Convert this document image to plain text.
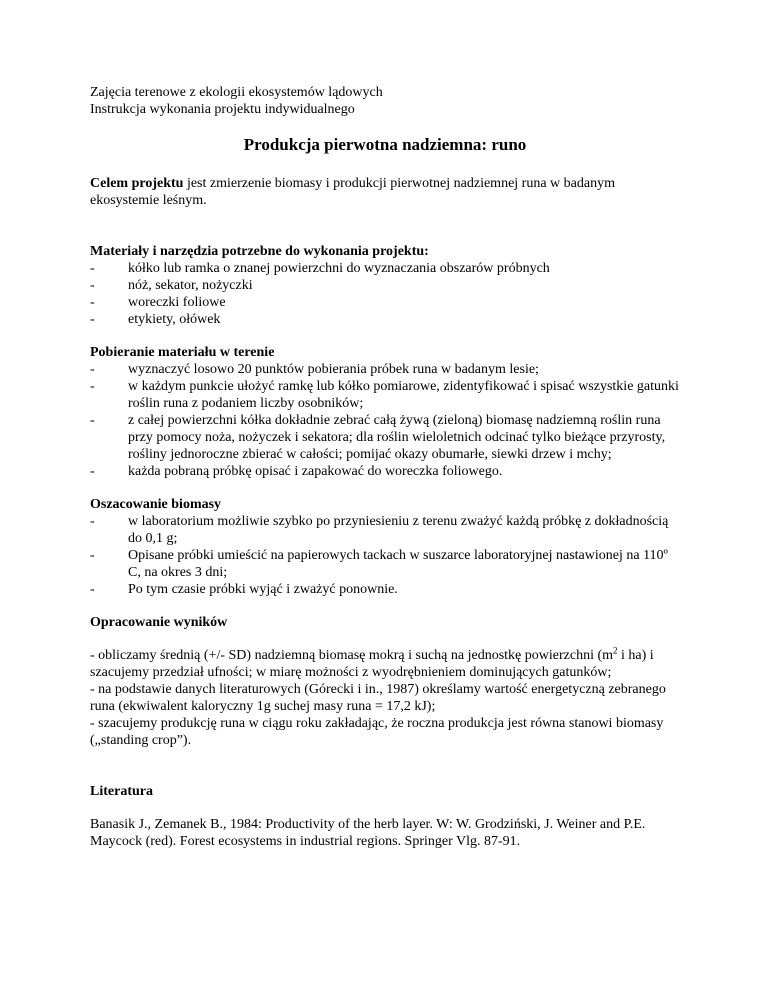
Zajęcia terenowe z ekologii ekosystemów lądowych
Instrukcja wykonania projektu indywidualnego
Produkcja pierwotna nadziemna: runo
Celem projektu jest zmierzenie biomasy i produkcji pierwotnej nadziemnej runa w badanym ekosystemie leśnym.
Materiały i narzędzia potrzebne do wykonania projektu:
- kółko lub ramka o znanej powierzchni do wyznaczania obszarów próbnych
- nóż, sekator, nożyczki
- woreczki foliowe
- etykiety, ołówek
Pobieranie materiału w terenie
- wyznaczyć losowo 20 punktów pobierania próbek runa w badanym lesie;
- w każdym punkcie ułożyć ramkę lub kółko pomiarowe, zidentyfikować i spisać wszystkie gatunki roślin runa z podaniem liczby osobników;
- z całej powierzchni kółka dokładnie zebrać całą żywą (zieloną) biomasę nadziemną roślin runa przy pomocy noża, nożyczek i sekatora; dla roślin wieloletnich odcinać tylko bieżące przyrosty, rośliny jednoroczne zbierać w całości; pomijać okazy obumarłe, siewki drzew i mchy;
- każda pobraną próbkę opisać i zapakować do woreczka foliowego.
Oszacowanie biomasy
- w laboratorium możliwie szybko po przyniesieniu z terenu zważyć każdą próbkę z dokładnością do 0,1 g;
- Opisane próbki umieścić na papierowych tackach w suszarce laboratoryjnej nastawionej na 110º C, na okres 3 dni;
- Po tym czasie próbki wyjąć i zważyć ponownie.
Opracowanie wyników
- obliczamy średnią (+/- SD) nadziemną biomasę mokrą i suchą na jednostkę powierzchni ($m^2$ i ha) i szacujemy przedział ufności; w miarę możności z wyodrębnieniem dominujących gatunków;
- na podstawie danych literaturowych (Górecki i in., 1987) określamy wartość energetyczną zebranego runa (ekwiwalent kaloryczny 1g suchej masy runa = 17,2 kJ);
- szacujemy produkcję runa w ciągu roku zakładając, że roczna produkcja jest równa stanowi biomasy („standing crop”).
Literatura
Banasik J., Zemanek B., 1984: Productivity of the herb layer. W: W. Grodziński, J. Weiner and P.E. Maycock (red). Forest ecosystems in industrial regions. Springer Vlg. 87-91.
